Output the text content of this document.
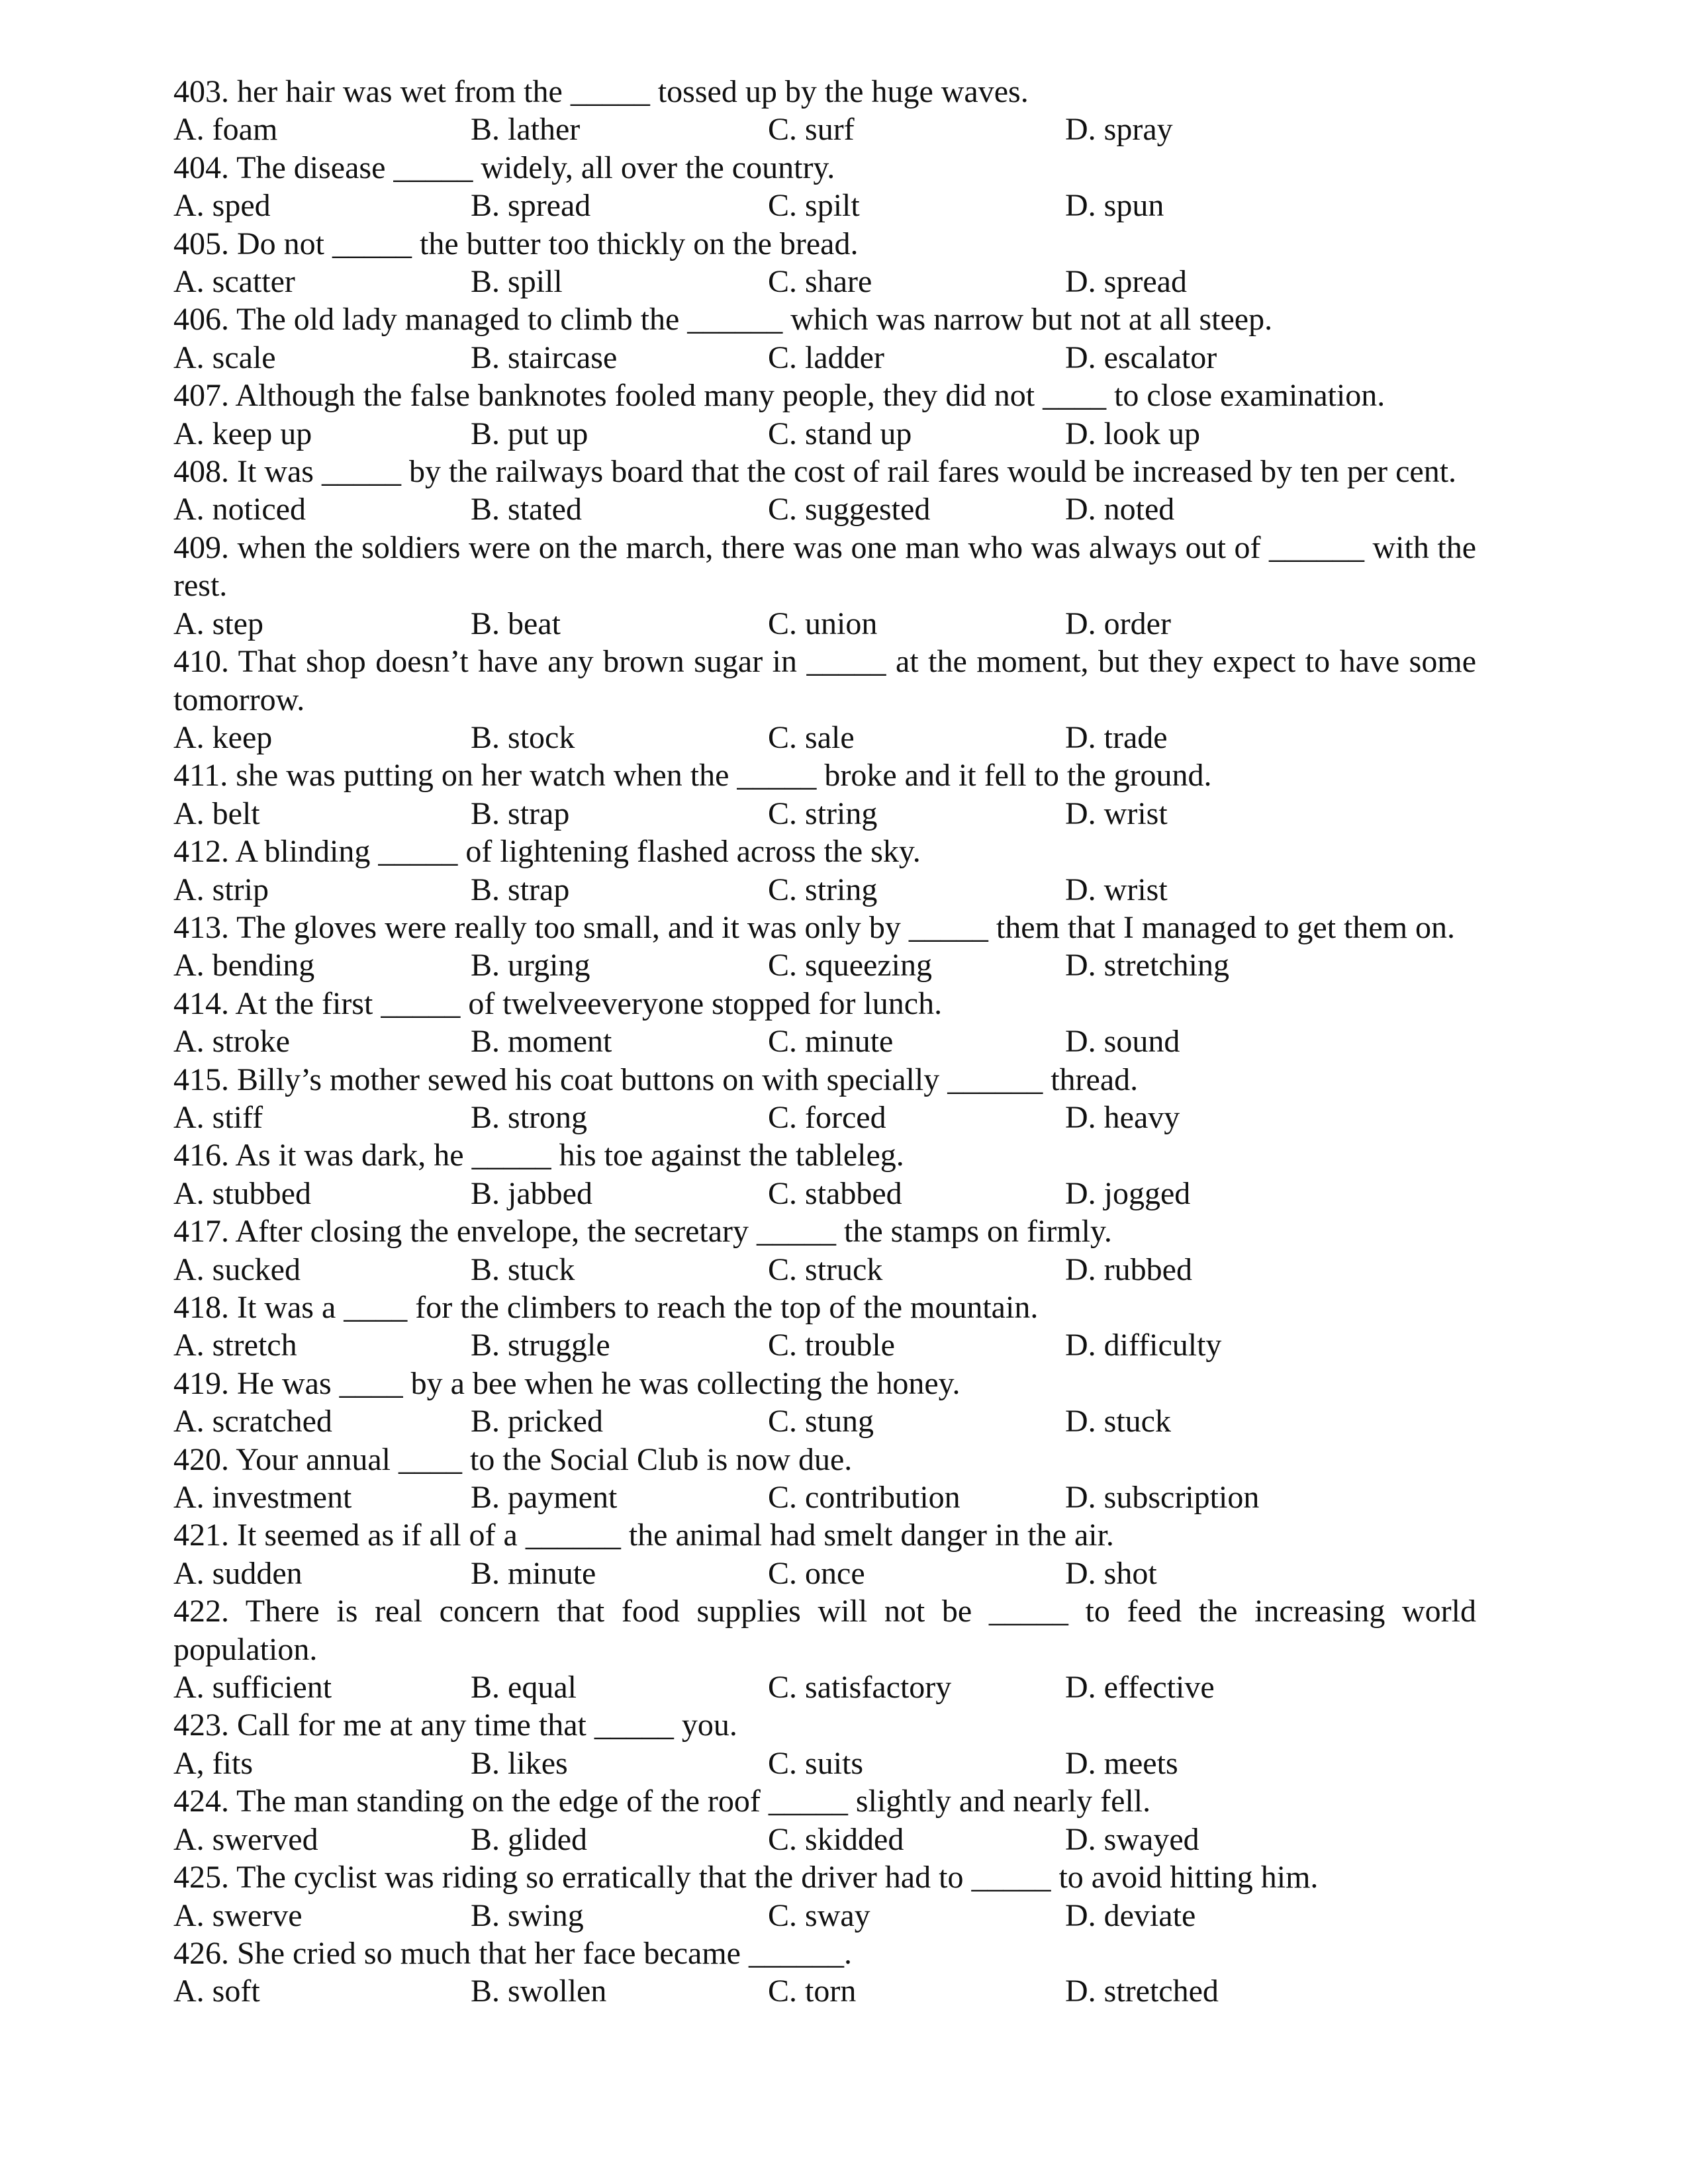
403. her hair was wet from the _____ tossed up by the huge waves.

A. foam	B. lather	C. surf	D. spray

404. The disease _____ widely, all over the country.

A. sped	B. spread	C. spilt	D. spun

405. Do not _____ the butter too thickly on the bread.

A. scatter	B. spill	C. share	D. spread

406. The old lady managed to climb the ______ which was narrow but not at all steep.

A. scale	B. staircase	C. ladder	D. escalator

407. Although the false banknotes fooled many people, they did not ____ to close examination.

A. keep up	B. put up	C. stand up	D. look up

408. It was _____ by the railways board that the cost of rail fares would be increased by ten per cent.

A. noticed	B. stated	C. suggested	D. noted

409. when the soldiers were on the march, there was one man who was always out of ______ with the rest.

A. step	B. beat	C. union	D. order

410. That shop doesn’t have any brown sugar in _____ at the moment, but they expect to have some tomorrow.

A. keep	B. stock	C. sale	D. trade

411. she was putting on her watch when the _____ broke and it fell to the ground.

A. belt	B. strap	C. string	D. wrist

412. A blinding _____ of lightening flashed across the sky.

A. strip	B. strap	C. string	D. wrist

413. The gloves were really too small, and it was only by _____ them that I managed to get them on.

A. bending	B. urging	C. squeezing	D. stretching

414. At the first _____ of twelveeveryone stopped for lunch.

A. stroke	B. moment	C. minute	D. sound

415. Billy’s mother sewed his coat buttons on with specially ______ thread.

A. stiff	B. strong	C. forced	D. heavy

416. As it was dark, he _____ his toe against the tableleg.

A. stubbed	B. jabbed	C. stabbed	D. jogged

417. After closing the envelope, the secretary _____ the stamps on firmly.

A. sucked	B. stuck	C. struck	D. rubbed

418. It was a ____ for the climbers to reach the top of the mountain.

A. stretch	B. struggle	C. trouble	D. difficulty

419. He was ____ by a bee when he was collecting the honey.

A. scratched	B. pricked	C. stung	D. stuck

420. Your annual ____ to the Social Club is now due.

A. investment	B. payment	C. contribution	D. subscription

421. It seemed as if all of a ______ the animal had smelt danger in the air.

A. sudden	B. minute	C. once	D. shot

422. There is real concern that food supplies will not be _____ to feed the increasing world population.

A. sufficient	B. equal	C. satisfactory	D. effective

423. Call for me at any time that _____ you.

A, fits	B. likes	C. suits	D. meets

424. The man standing on the edge of the roof _____ slightly and nearly fell.

A. swerved	B. glided	C. skidded	D. swayed

425. The cyclist was riding so erratically that the driver had to _____ to avoid hitting him.

A. swerve	B. swing	C. sway	D. deviate

426. She cried so much that her face became ______.

A. soft	B. swollen	C. torn	D. stretched
